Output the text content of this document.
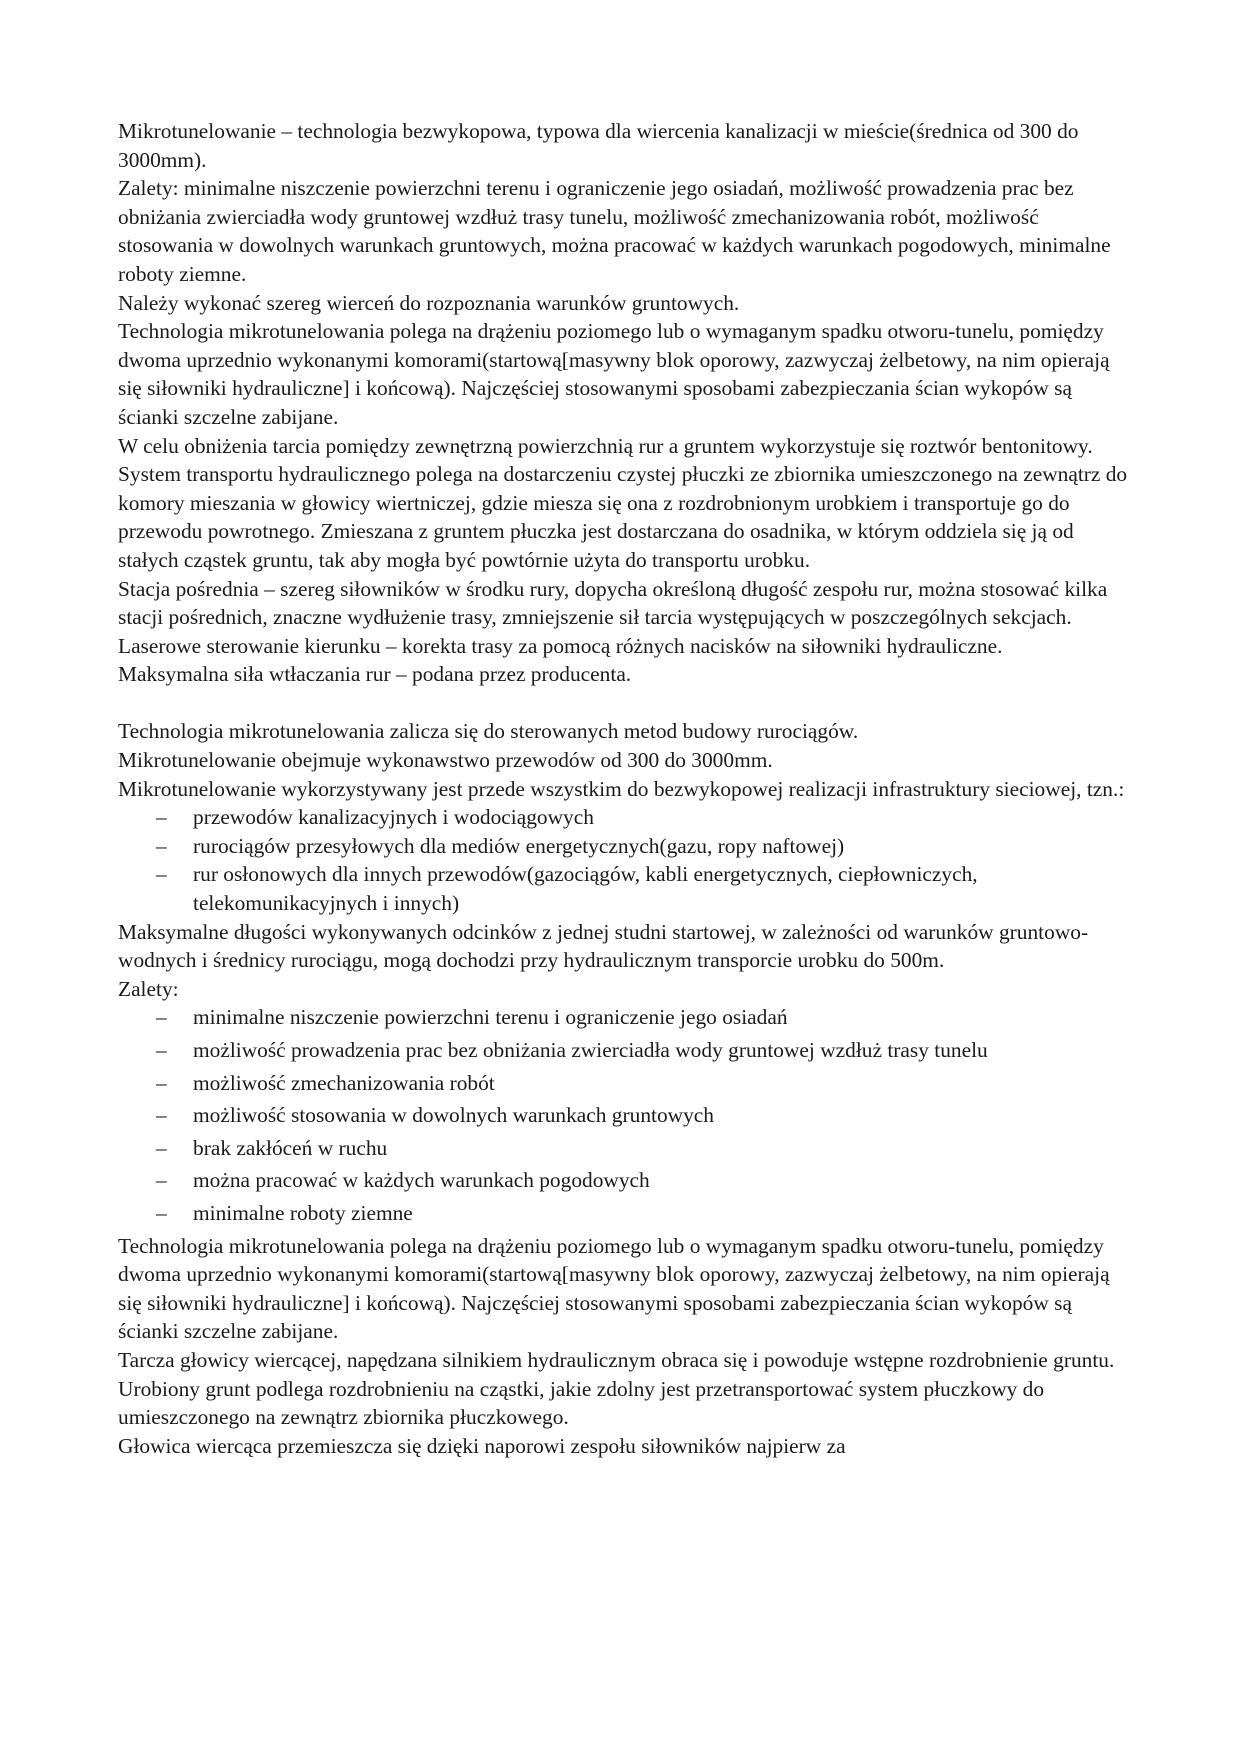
Mikrotunelowanie – technologia bezwykopowa, typowa dla wiercenia kanalizacji w mieście(średnica od 300 do 3000mm).

Zalety: minimalne niszczenie powierzchni terenu i ograniczenie jego osiadań, możliwość prowadzenia prac bez obniżania zwierciadła wody gruntowej wzdłuż trasy tunelu, możliwość zmechanizowania robót, możliwość stosowania w dowolnych warunkach gruntowych, można pracować w każdych warunkach pogodowych, minimalne roboty ziemne.

Należy wykonać szereg wierceń do rozpoznania warunków gruntowych.

Technologia mikrotunelowania polega na drążeniu poziomego lub o wymaganym spadku otworu-tunelu, pomiędzy dwoma uprzednio wykonanymi komorami(startową[masywny blok oporowy, zazwyczaj żelbetowy, na nim opierają się siłowniki hydrauliczne] i końcową). Najczęściej stosowanymi sposobami zabezpieczania ścian wykopów są ścianki szczelne zabijane.

W celu obniżenia tarcia pomiędzy zewnętrzną powierzchnią rur a gruntem wykorzystuje się roztwór bentonitowy. System transportu hydraulicznego polega na dostarczeniu czystej płuczki ze zbiornika umieszczonego na zewnątrz do komory mieszania w głowicy wiertniczej, gdzie miesza się ona z rozdrobnionym urobkiem i transportuje go do przewodu powrotnego. Zmieszana z gruntem płuczka jest dostarczana do osadnika, w którym oddziela się ją od stałych cząstek gruntu, tak aby mogła być powtórnie użyta do transportu urobku.

Stacja pośrednia – szereg siłowników w środku rury, dopycha określoną długość zespołu rur, można stosować kilka stacji pośrednich, znaczne wydłużenie trasy, zmniejszenie sił tarcia występujących w poszczególnych sekcjach.

Laserowe sterowanie kierunku – korekta trasy za pomocą różnych nacisków na siłowniki hydrauliczne.

Maksymalna siła wtłaczania rur – podana przez producenta.

Technologia mikrotunelowania zalicza się do sterowanych metod budowy rurociągów.

Mikrotunelowanie obejmuje wykonawstwo przewodów od 300 do 3000mm.

Mikrotunelowanie wykorzystywany jest przede wszystkim do bezwykopowej realizacji infrastruktury sieciowej, tzn.:

– przewodów kanalizacyjnych i wodociągowych
– rurociągów przesyłowych dla mediów energetycznych(gazu, ropy naftowej)
– rur osłonowych dla innych przewodów(gazociągów, kabli energetycznych, ciepłowniczych, telekomunikacyjnych i innych)

Maksymalne długości wykonywanych odcinków z jednej studni startowej, w zależności od warunków gruntowo-wodnych i średnicy rurociągu, mogą dochodzi przy hydraulicznym transporcie urobku do 500m.

Zalety:

– minimalne niszczenie powierzchni terenu i ograniczenie jego osiadań
– możliwość prowadzenia prac bez obniżania zwierciadła wody gruntowej wzdłuż trasy tunelu
– możliwość zmechanizowania robót
– możliwość stosowania w dowolnych warunkach gruntowych
– brak zakłóceń w ruchu
– można pracować w każdych warunkach pogodowych
– minimalne roboty ziemne

Technologia mikrotunelowania polega na drążeniu poziomego lub o wymaganym spadku otworu-tunelu, pomiędzy dwoma uprzednio wykonanymi komorami(startową[masywny blok oporowy, zazwyczaj żelbetowy, na nim opierają się siłowniki hydrauliczne] i końcową). Najczęściej stosowanymi sposobami zabezpieczania ścian wykopów są ścianki szczelne zabijane.

Tarcza głowicy wiercącej, napędzana silnikiem hydraulicznym obraca się i powoduje wstępne rozdrobnienie gruntu. Urobiony grunt podlega rozdrobnieniu na cząstki, jakie zdolny jest przetransportować system płuczkowy do umieszczonego na zewnątrz zbiornika płuczkowego.

Głowica wiercąca przemieszcza się dzięki naporowi zespołu siłowników najpierw za
